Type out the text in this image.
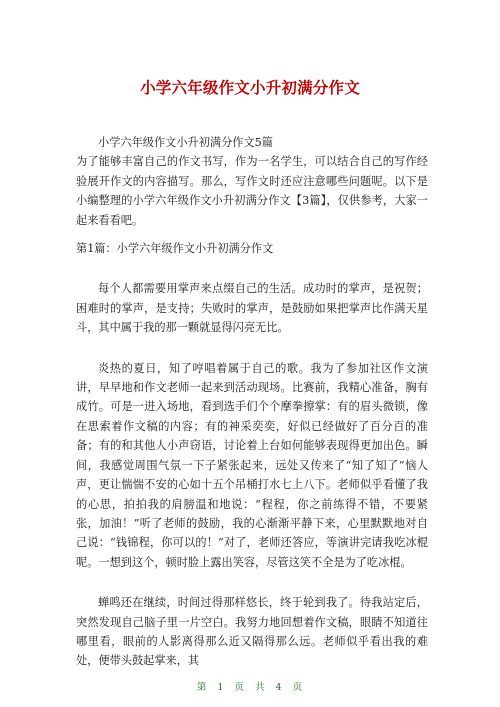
小学六年级作文小升初满分作文

小学六年级作文小升初满分作文5篇

为了能够丰富自己的作文书写，作为一名学生，可以结合自己的写作经验展开作文的内容描写。那么，写作文时还应注意哪些问题呢。以下是小编整理的小学六年级作文小升初满分作文【3篇】，仅供参考，大家一起来看看吧。

第1篇：小学六年级作文小升初满分作文

每个人都需要用掌声来点缀自己的生活。成功时的掌声，是祝贺；困难时的掌声，是支持；失败时的掌声，是鼓励如果把掌声比作满天星斗，其中属于我的那一颗就显得闪亮无比。

炎热的夏日，知了哼唱着属于自己的歌。我为了参加社区作文演讲，早早地和作文老师一起来到活动现场。比赛前，我精心准备，胸有成竹。可是一进入场地，看到选手们个个摩拳擦掌：有的眉头微锁，像在思索着作文稿的内容；有的神采奕奕，好似已经做好了百分百的准备；有的和其他人小声窃语，讨论着上台如何能够表现得更加出色。瞬间，我感觉周围气氛一下子紧张起来，远处又传来了“知了知了”恼人声，更让惴惴不安的心如十五个吊桶打水七上八下。老师似乎看懂了我的心思，拍拍我的肩膀温和地说：“程程，你之前练得不错，不要紧张，加油！”听了老师的鼓励，我的心渐渐平静下来，心里默默地对自己说：“钱锦程，你可以的！”对了，老师还答应，等演讲完请我吃冰棍呢。一想到这个，顿时脸上露出笑容，尽管这笑不全是为了吃冰棍。

蝉鸣还在继续，时间过得那样悠长，终于轮到我了。待我站定后，突然发现自己脑子里一片空白。我努力地回想着作文稿，眼睛不知道往哪里看，眼前的人影离得那么近又隔得那么远。老师似乎看出我的难处，便带头鼓起掌来，其

第 1 页 共 4 页
